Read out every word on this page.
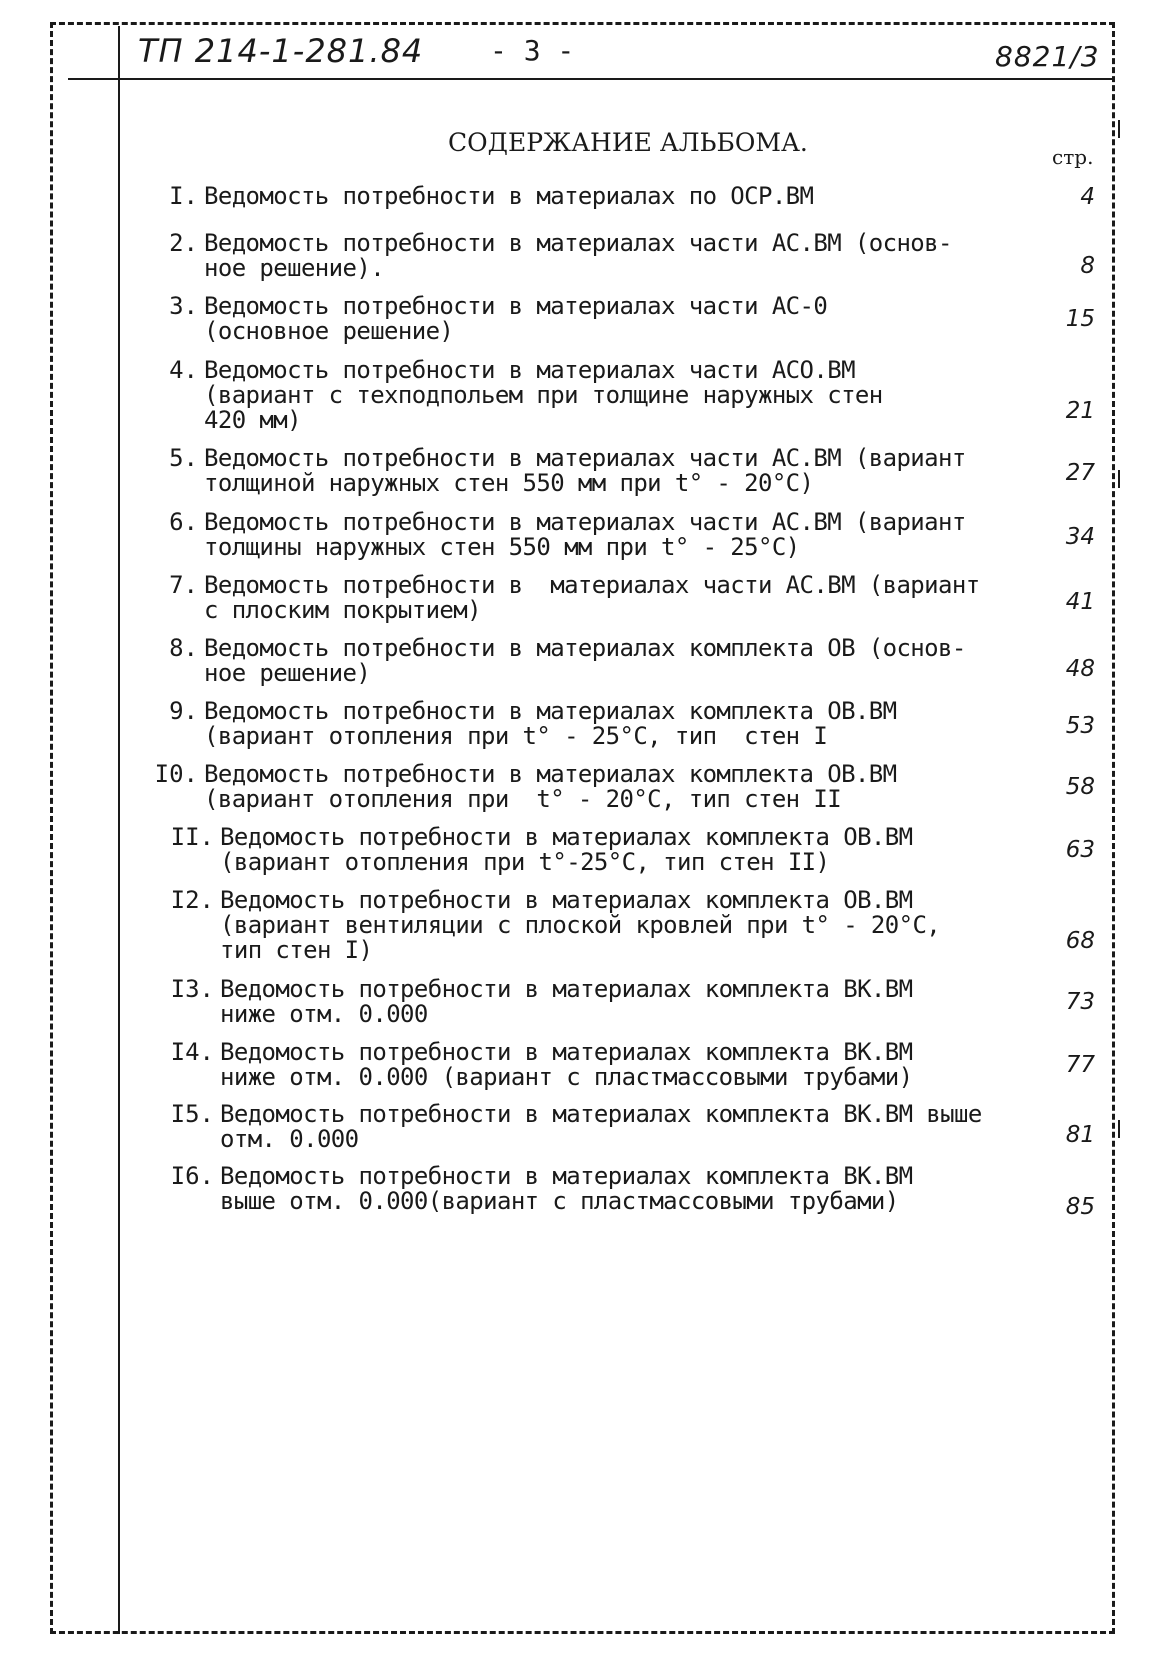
ТП 214-1-281.84 - 3 -	8821/3
СОДЕРЖАНИЕ АЛЬБОМА.	стр.
I. Ведомость потребности в материалах по ОСР.ВМ	4
2. Ведомость потребности в материалах части АС.ВМ (основ-
ное решение).	8
3. Ведомость потребности в материалах части АС-0
(основное решение)	15
4. Ведомость потребности в материалах части АСО.ВМ
(вариант с техподпольем при толщине наружных стен
420 мм)	21
5. Ведомость потребности в материалах части АС.ВМ (вариант
толщиной наружных стен 550 мм при t° - 20°С)	27
6. Ведомость потребности в материалах части АС.ВМ (вариант
толщины наружных стен 550 мм при t° - 25°С)	34
7. Ведомость потребности в  материалах части АС.ВМ (вариант
с плоским покрытием)	41
8. Ведомость потребности в материалах комплекта ОВ (основ-
ное решение)	48
9. Ведомость потребности в материалах комплекта ОВ.ВМ
(вариант отопления при t° - 25°С, тип  стен I	53
I0. Ведомость потребности в материалах комплекта ОВ.ВМ
(вариант отопления при  t° - 20°С, тип стен II	58
II. Ведомость потребности в материалах комплекта ОВ.ВМ
(вариант отопления при t°-25°С, тип стен II)	63
I2. Ведомость потребности в материалах комплекта ОВ.ВМ
(вариант вентиляции с плоской кровлей при t° - 20°С,
тип стен I)	68
I3. Ведомость потребности в материалах комплекта ВК.ВМ
ниже отм. 0.000	73
I4. Ведомость потребности в материалах комплекта ВК.ВМ
ниже отм. 0.000 (вариант с пластмассовыми трубами)	77
I5. Ведомость потребности в материалах комплекта ВК.ВМ выше
отм. 0.000	81
I6. Ведомость потребности в материалах комплекта ВК.ВМ
выше отм. 0.000(вариант с пластмассовыми трубами)	85
